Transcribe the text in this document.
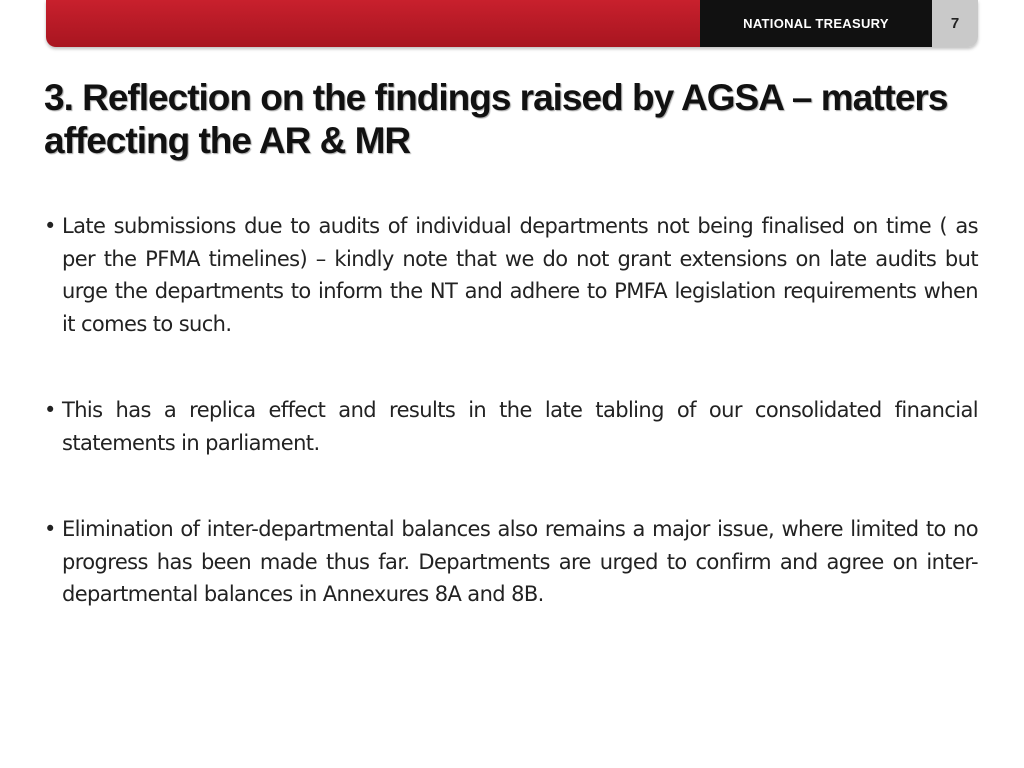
NATIONAL TREASURY	7
3. Reflection on the findings raised by AGSA – matters affecting the AR & MR
• Late submissions due to audits of individual departments not being finalised on time ( as per the PFMA timelines) – kindly note that we do not grant extensions on late audits but urge the departments to inform the NT and adhere to PMFA legislation requirements when it comes to such.
• This has a replica effect and results in the late tabling of our consolidated financial statements in parliament.
• Elimination of inter-departmental balances also remains a major issue, where limited to no progress has been made thus far. Departments are urged to confirm and agree on inter-departmental balances in Annexures 8A and 8B.
